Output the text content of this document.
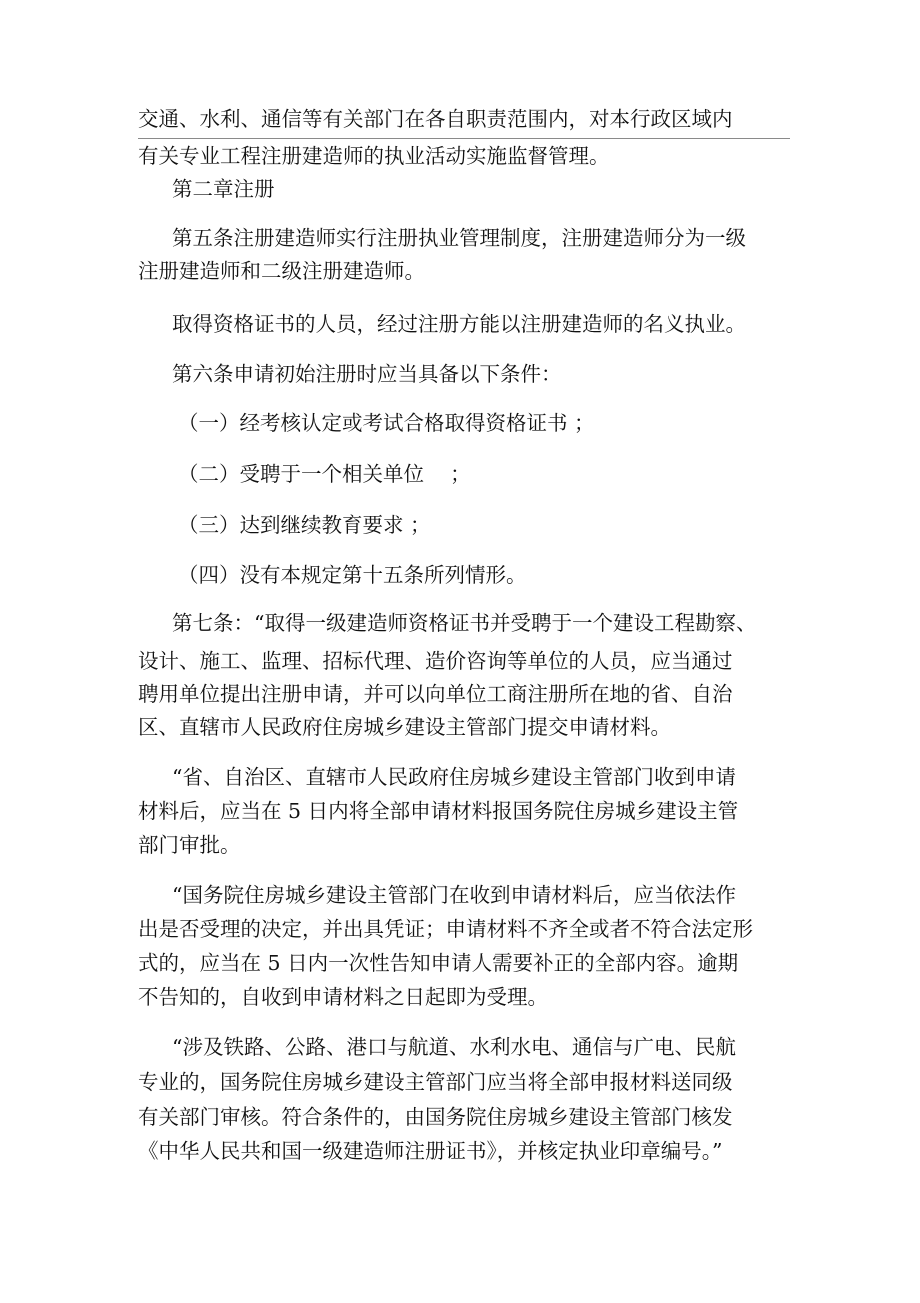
交通、水利、通信等有关部门在各自职责范围内，对本行政区域内
有关专业工程注册建造师的执业活动实施监督管理。
第二章注册
第五条注册建造师实行注册执业管理制度，注册建造师分为一级
注册建造师和二级注册建造师。
取得资格证书的人员，经过注册方能以注册建造师的名义执业。
第六条申请初始注册时应当具备以下条件：
（一）经考核认定或考试合格取得资格证书 ；
（二）受聘于一个相关单位    ；
（三）达到继续教育要求 ；
（四）没有本规定第十五条所列情形。
第七条：“取得一级建造师资格证书并受聘于一个建设工程勘察、
设计、施工、监理、招标代理、造价咨询等单位的人员，应当通过
聘用单位提出注册申请，并可以向单位工商注册所在地的省、自治
区、直辖市人民政府住房城乡建设主管部门提交申请材料。
“省、自治区、直辖市人民政府住房城乡建设主管部门收到申请
材料后，应当在 5 日内将全部申请材料报国务院住房城乡建设主管
部门审批。
“国务院住房城乡建设主管部门在收到申请材料后，应当依法作
出是否受理的决定，并出具凭证；申请材料不齐全或者不符合法定形
式的，应当在 5 日内一次性告知申请人需要补正的全部内容。逾期
不告知的，自收到申请材料之日起即为受理。
“涉及铁路、公路、港口与航道、水利水电、通信与广电、民航
专业的，国务院住房城乡建设主管部门应当将全部申报材料送同级
有关部门审核。符合条件的，由国务院住房城乡建设主管部门核发
《中华人民共和国一级建造师注册证书》，并核定执业印章编号。”
